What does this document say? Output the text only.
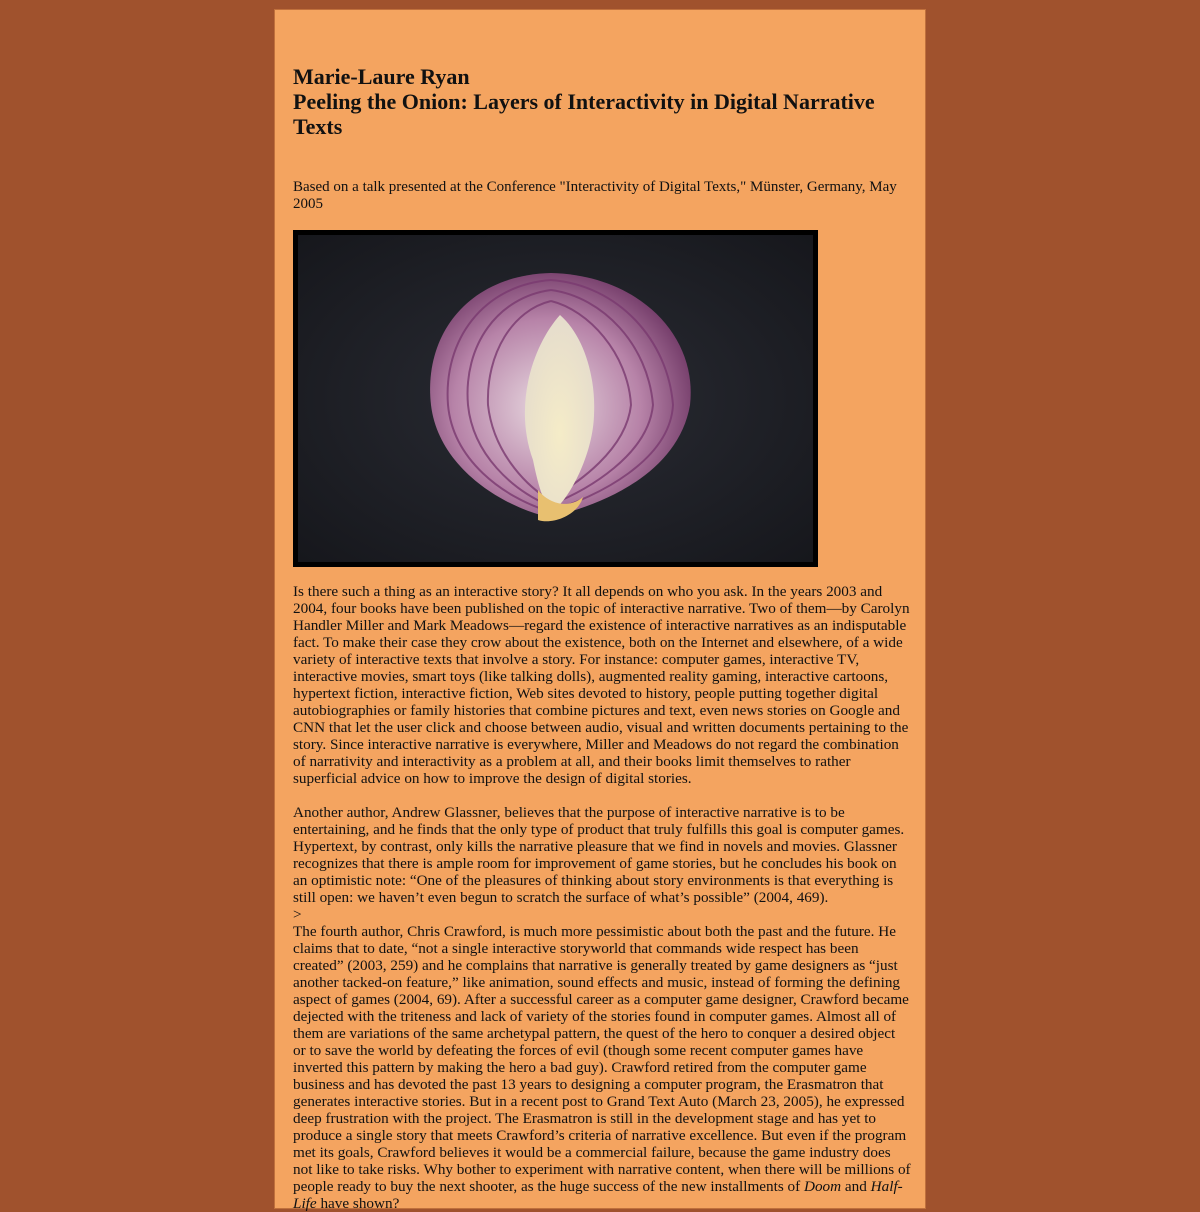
Marie-Laure Ryan
Peeling the Onion: Layers of Interactivity in Digital Narrative Texts
Based on a talk presented at the Conference "Interactivity of Digital Texts," Münster, Germany, May 2005

Is there such a thing as an interactive story? It all depends on who you ask. In the years 2003 and 2004, four books have been published on the topic of interactive narrative. Two of them—by Carolyn Handler Miller and Mark Meadows—regard the existence of interactive narratives as an indisputable fact. To make their case they crow about the existence, both on the Internet and elsewhere, of a wide variety of interactive texts that involve a story. For instance: computer games, interactive TV, interactive movies, smart toys (like talking dolls), augmented reality gaming, interactive cartoons, hypertext fiction, interactive fiction, Web sites devoted to history, people putting together digital autobiographies or family histories that combine pictures and text, even news stories on Google and CNN that let the user click and choose between audio, visual and written documents pertaining to the story. Since interactive narrative is everywhere, Miller and Meadows do not regard the combination of narrativity and interactivity as a problem at all, and their books limit themselves to rather superficial advice on how to improve the design of digital stories.

Another author, Andrew Glassner, believes that the purpose of interactive narrative is to be entertaining, and he finds that the only type of product that truly fulfills this goal is computer games. Hypertext, by contrast, only kills the narrative pleasure that we find in novels and movies. Glassner recognizes that there is ample room for improvement of game stories, but he concludes his book on an optimistic note: “One of the pleasures of thinking about story environments is that everything is still open: we haven’t even begun to scratch the surface of what’s possible” (2004, 469).

>

The fourth author, Chris Crawford, is much more pessimistic about both the past and the future. He claims that to date, “not a single interactive storyworld that commands wide respect has been created” (2003, 259) and he complains that narrative is generally treated by game designers as “just another tacked-on feature,” like animation, sound effects and music, instead of forming the defining aspect of games (2004, 69). After a successful career as a computer game designer, Crawford became dejected with the triteness and lack of variety of the stories found in computer games. Almost all of them are variations of the same archetypal pattern, the quest of the hero to conquer a desired object or to save the world by defeating the forces of evil (though some recent computer games have inverted this pattern by making the hero a bad guy). Crawford retired from the computer game business and has devoted the past 13 years to designing a computer program, the Erasmatron that generates interactive stories. But in a recent post to Grand Text Auto (March 23, 2005), he expressed deep frustration with the project. The Erasmatron is still in the development stage and has yet to produce a single story that meets Crawford’s criteria of narrative excellence. But even if the program met its goals, Crawford believes it would be a commercial failure, because the game industry does not like to take risks. Why bother to experiment with narrative content, when there will be millions of people ready to buy the next shooter, as the huge success of the new installments of Doom and Half-Life have shown?
